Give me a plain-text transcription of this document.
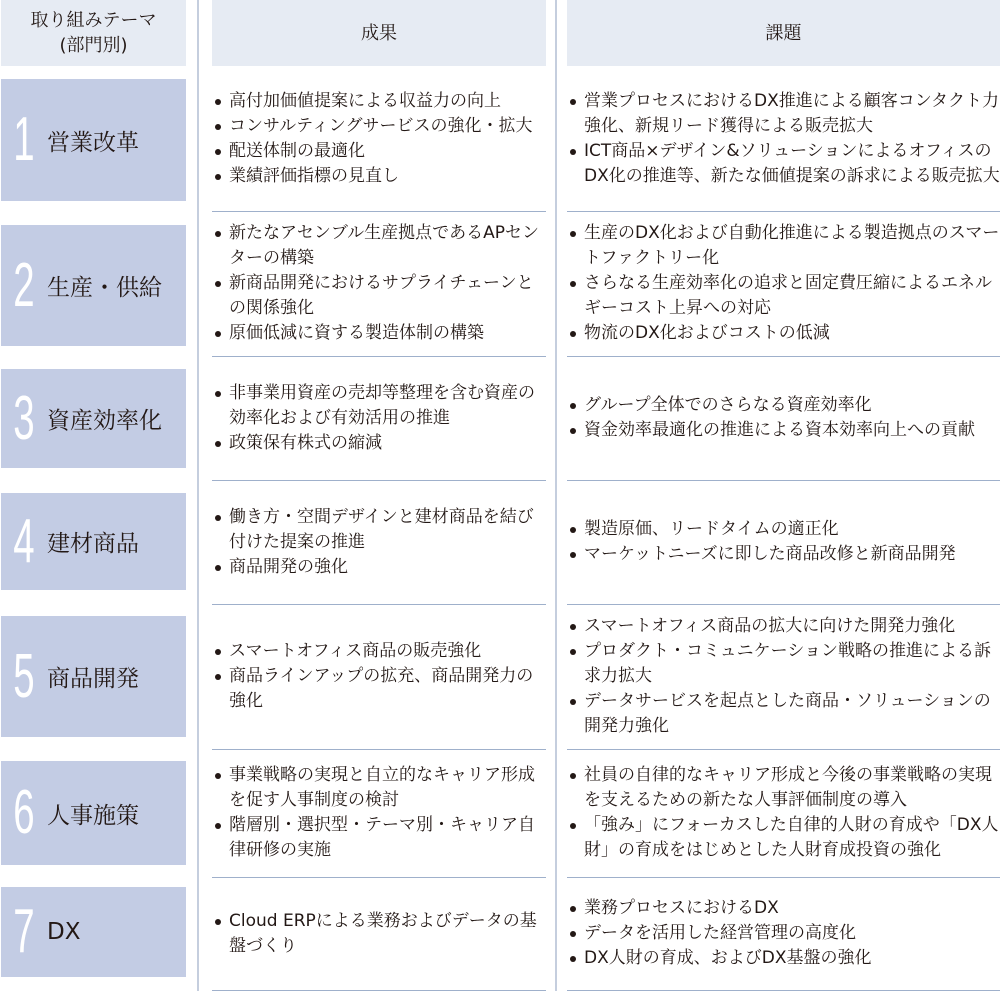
取り組みテーマ
(部門別)
成果	課題
1 営業改革
高付加価値提案による収益力の向上
コンサルティングサービスの強化・拡大
配送体制の最適化
業績評価指標の見直し
営業プロセスにおけるDX推進による顧客コンタクト力強化、新規リード獲得による販売拡大
ICT商品×デザイン&ソリューションによるオフィスのDX化の推進等、新たな価値提案の訴求による販売拡大
2 生産・供給
新たなアセンブル生産拠点であるAPセンターの構築
新商品開発におけるサプライチェーンとの関係強化
原価低減に資する製造体制の構築
生産のDX化および自動化推進による製造拠点のスマートファクトリー化
さらなる生産効率化の追求と固定費圧縮によるエネルギーコスト上昇への対応
物流のDX化およびコストの低減
3 資産効率化
非事業用資産の売却等整理を含む資産の効率化および有効活用の推進
政策保有株式の縮減
グループ全体でのさらなる資産効率化
資金効率最適化の推進による資本効率向上への貢献
4 建材商品
働き方・空間デザインと建材商品を結び付けた提案の推進
商品開発の強化
製造原価、リードタイムの適正化
マーケットニーズに即した商品改修と新商品開発
5 商品開発
スマートオフィス商品の販売強化
商品ラインアップの拡充、商品開発力の強化
スマートオフィス商品の拡大に向けた開発力強化
プロダクト・コミュニケーション戦略の推進による訴求力拡大
データサービスを起点とした商品・ソリューションの開発力強化
6 人事施策
事業戦略の実現と自立的なキャリア形成を促す人事制度の検討
階層別・選択型・テーマ別・キャリア自律研修の実施
社員の自律的なキャリア形成と今後の事業戦略の実現を支えるための新たな人事評価制度の導入
「強み」にフォーカスした自律的人財の育成や「DX人財」の育成をはじめとした人財育成投資の強化
7 DX	Cloud ERPによる業務およびデータの基盤づくり
業務プロセスにおけるDX
データを活用した経営管理の高度化
DX人財の育成、およびDX基盤の強化
